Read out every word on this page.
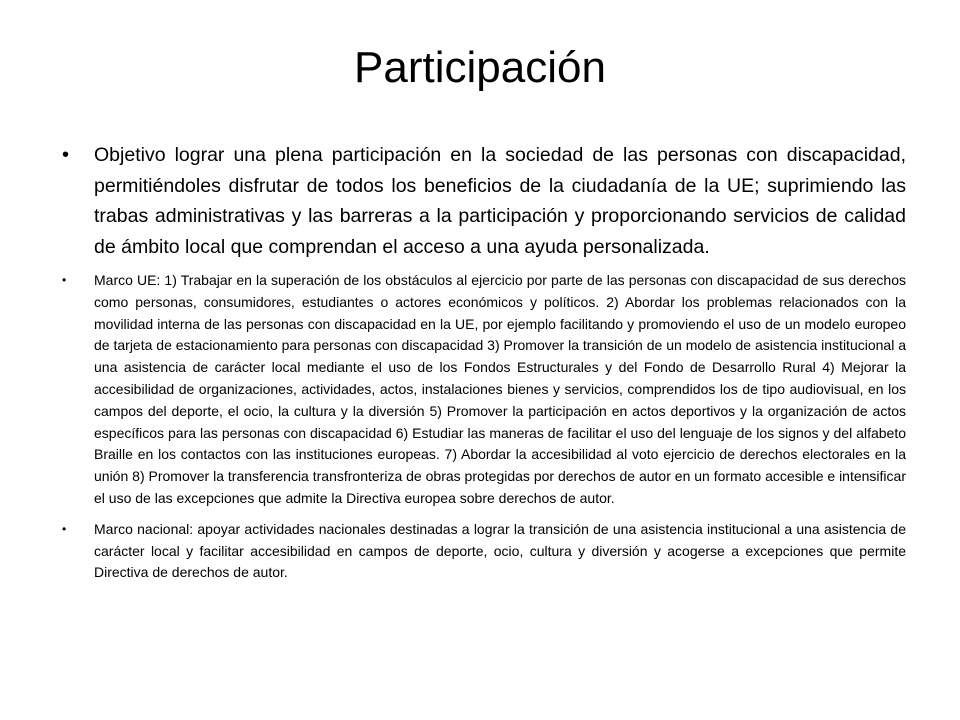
Participación
• Objetivo lograr una plena participación en la sociedad de las personas con discapacidad, permitiéndoles disfrutar de todos los beneficios de la ciudadanía de la UE; suprimiendo las trabas administrativas y las barreras a la participación y proporcionando servicios de calidad de ámbito local que comprendan el acceso a una ayuda personalizada.
• Marco UE: 1) Trabajar en la superación de los obstáculos al ejercicio por parte de las personas con discapacidad de sus derechos como personas, consumidores, estudiantes o actores económicos y políticos. 2) Abordar los problemas relacionados con la movilidad interna de las personas con discapacidad en la UE, por ejemplo facilitando y promoviendo el uso de un modelo europeo de tarjeta de estacionamiento para personas con discapacidad 3) Promover la transición de un modelo de asistencia institucional a una asistencia de carácter local mediante el uso de los Fondos Estructurales y del Fondo de Desarrollo Rural 4) Mejorar la accesibilidad de organizaciones, actividades, actos, instalaciones bienes y servicios, comprendidos los de tipo audiovisual, en los campos del deporte, el ocio, la cultura y la diversión 5) Promover la participación en actos deportivos y la organización de actos específicos para las personas con discapacidad 6) Estudiar las maneras de facilitar el uso del lenguaje de los signos y del alfabeto Braille en los contactos con las instituciones europeas. 7) Abordar la accesibilidad al voto ejercicio de derechos electorales en la unión 8) Promover la transferencia transfronteriza de obras protegidas por derechos de autor en un formato accesible e intensificar el uso de las excepciones que admite la Directiva europea sobre derechos de autor.
• Marco nacional: apoyar actividades nacionales destinadas a lograr la transición de una asistencia institucional a una asistencia de carácter local y facilitar accesibilidad en campos de deporte, ocio, cultura y diversión y acogerse a excepciones que permite Directiva de derechos de autor.
